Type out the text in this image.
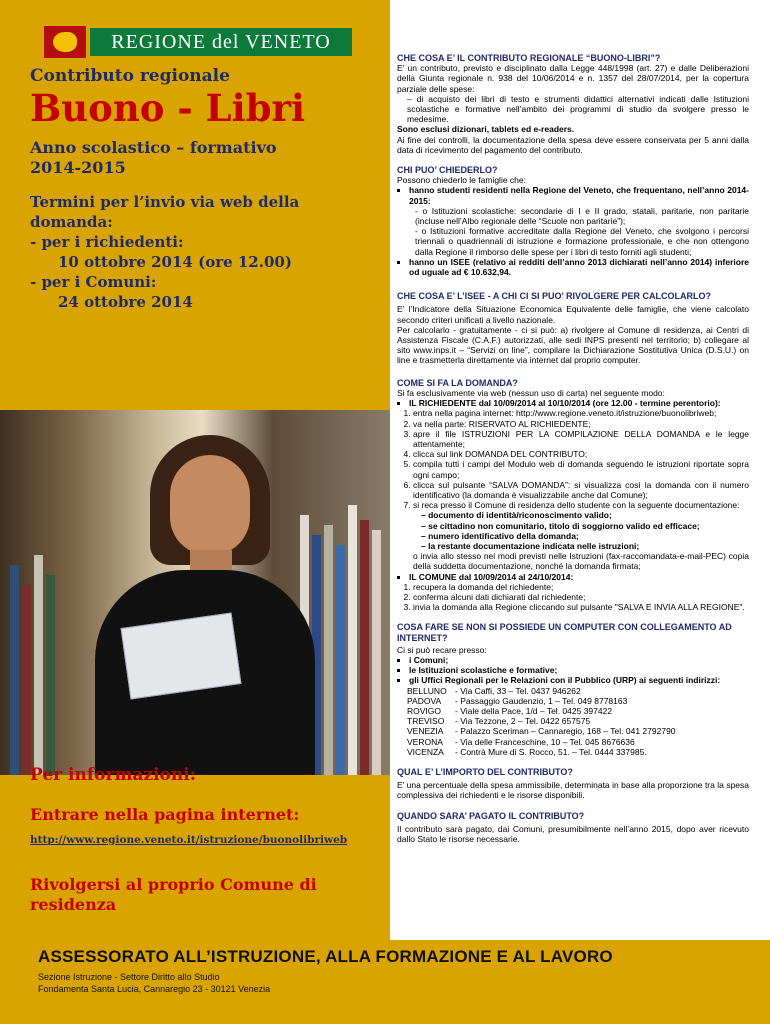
REGIONE del VENETO
Contributo regionale
Buono - Libri
Anno scolastico – formativo
2014-2015
Termini per l’invio via web della
domanda:
- per i richiedenti:
10 ottobre 2014 (ore 12.00)
- per i Comuni:
24 ottobre 2014
Per informazioni:
Entrare nella pagina internet:
http://www.regione.veneto.it/istruzione/buonolibriweb
Rivolgersi al proprio Comune di
residenza

CHE COSA E’ IL CONTRIBUTO REGIONALE “BUONO-LIBRI”?

E’ un contributo, previsto e disciplinato dalla Legge 448/1998 (art. 27) e dalle Deliberazioni della Giunta regionale n. 938 del 10/06/2014 e n. 1357 del 28/07/2014, per la copertura parziale delle spese:

– di acquisto dei libri di testo e strumenti didattici alternativi indicati dalle Istituzioni scolastiche e formative nell’ambito dei programmi di studio da svolgere presso le medesime.

Sono esclusi dizionari, tablets ed e-readers.

Ai fine dei controlli, la documentazione della spesa deve essere conservata per 5 anni dalla data di ricevimento del pagamento del contributo.

CHI PUO’ CHIEDERLO?

Possono chiederlo le famiglie che:

▪ hanno studenti residenti nella Regione del Veneto, che frequentano, nell’anno 2014-2015:

- o Istituzioni scolastiche: secondarie di I e II grado, statali, paritarie, non paritarie (incluse nell’Albo regionale delle “Scuole non paritarie”);

- o Istituzioni formative accreditate dalla Regione del Veneto, che svolgono i percorsi triennali o quadriennali di istruzione e formazione professionale, e che non ottengono dalla Regione il rimborso delle spese per i libri di testo forniti agli studenti;

▪ hanno un ISEE (relativo ai redditi dell’anno 2013 dichiarati nell’anno 2014) inferiore od uguale ad € 10.632,94.

CHE COSA E’ L’ISEE - A CHI CI SI PUO’ RIVOLGERE PER CALCOLARLO?

E’ l’Indicatore della Situazione Economica Equivalente delle famiglie, che viene calcolato secondo criteri unificati a livello nazionale.

Per calcolarlo - gratuitamente - ci si può: a) rivolgere al Comune di residenza, ai Centri di Assistenza Fiscale (C.A.F.) autorizzati, alle sedi INPS presenti nel territorio; b) collegare al sito www.inps.it – “Servizi on line”, compilare la Dichiarazione Sostitutiva Unica (D.S.U.) on line e trasmetterla direttamente via internet dal proprio computer.

COME SI FA LA DOMANDA?

Si fa esclusivamente via web (nessun uso di carta) nel seguente modo:

▪ IL RICHIEDENTE dal 10/09/2014 al 10/10/2014 (ore 12.00 - termine perentorio):
1. entra nella pagina internet: http://www.regione.veneto.it/istruzione/buonolibriweb;
2. va nella parte: RISERVATO AL RICHIEDENTE;
3. apre il file ISTRUZIONI PER LA COMPILAZIONE DELLA DOMANDA e le legge attentamente;
4. clicca sul link DOMANDA DEL CONTRIBUTO;
5. compila tutti i campi del Modulo web di domanda seguendo le istruzioni riportate sopra ogni campo;
6. clicca sul pulsante “SALVA DOMANDA”: si visualizza così la domanda con il numero identificativo (la domanda è visualizzabile anche dal Comune);
7. si reca presso il Comune di residenza dello studente con la seguente documentazione:
– documento di identità/riconoscimento valido;
– se cittadino non comunitario, titolo di soggiorno valido ed efficace;
– numero identificativo della domanda;
– la restante documentazione indicata nelle istruzioni;

o invia allo stesso nei modi previsti nelle Istruzioni (fax-raccomandata-e-mail-PEC) copia della suddetta documentazione, nonché la domanda firmata;

▪ IL COMUNE dal 10/09/2014 al 24/10/2014:
1. recupera la domanda del richiedente;
2. conferma alcuni dati dichiarati dal richiedente;
3. invia la domanda alla Regione cliccando sul pulsante "SALVA E INVIA ALLA REGIONE".

COSA FARE SE NON SI POSSIEDE UN COMPUTER CON COLLEGAMENTO AD INTERNET?

Ci si può recare presso:

▪ i Comuni;
▪ le Istituzioni scolastiche e formative;
▪ gli Uffici Regionali per le Relazioni con il Pubblico (URP) ai seguenti indirizzi:
BELLUNO - Via Caffi, 33 – Tel. 0437 946262
PADOVA - Passaggio Gaudenzio, 1 – Tel. 049 8778163
ROVIGO - Viale della Pace, 1/d – Tel. 0425 397422
TREVISO - Via Tezzone, 2 – Tel. 0422 657575
VENEZIA - Palazzo Sceriman – Cannaregio, 168 – Tel. 041 2792790
VERONA - Via delle Franceschine, 10 – Tel. 045 8676636
VICENZA - Contrà Mure di S. Rocco, 51. – Tel. 0444 337985.

QUAL E’ L’IMPORTO DEL CONTRIBUTO?

E’ una percentuale della spesa ammissibile, determinata in base alla proporzione tra la spesa complessiva dei richiedenti e le risorse disponibili.

QUANDO SARA’ PAGATO IL CONTRIBUTO?

Il contributo sarà pagato, dai Comuni, presumibilmente nell’anno 2015, dopo aver ricevuto dallo Stato le risorse necessarie.

ASSESSORATO ALL’ISTRUZIONE, ALLA FORMAZIONE E AL LAVORO
Sezione Istruzione - Settore Diritto allo Studio
Fondamenta Santa Lucia, Cannaregio 23 - 30121 Venezia
